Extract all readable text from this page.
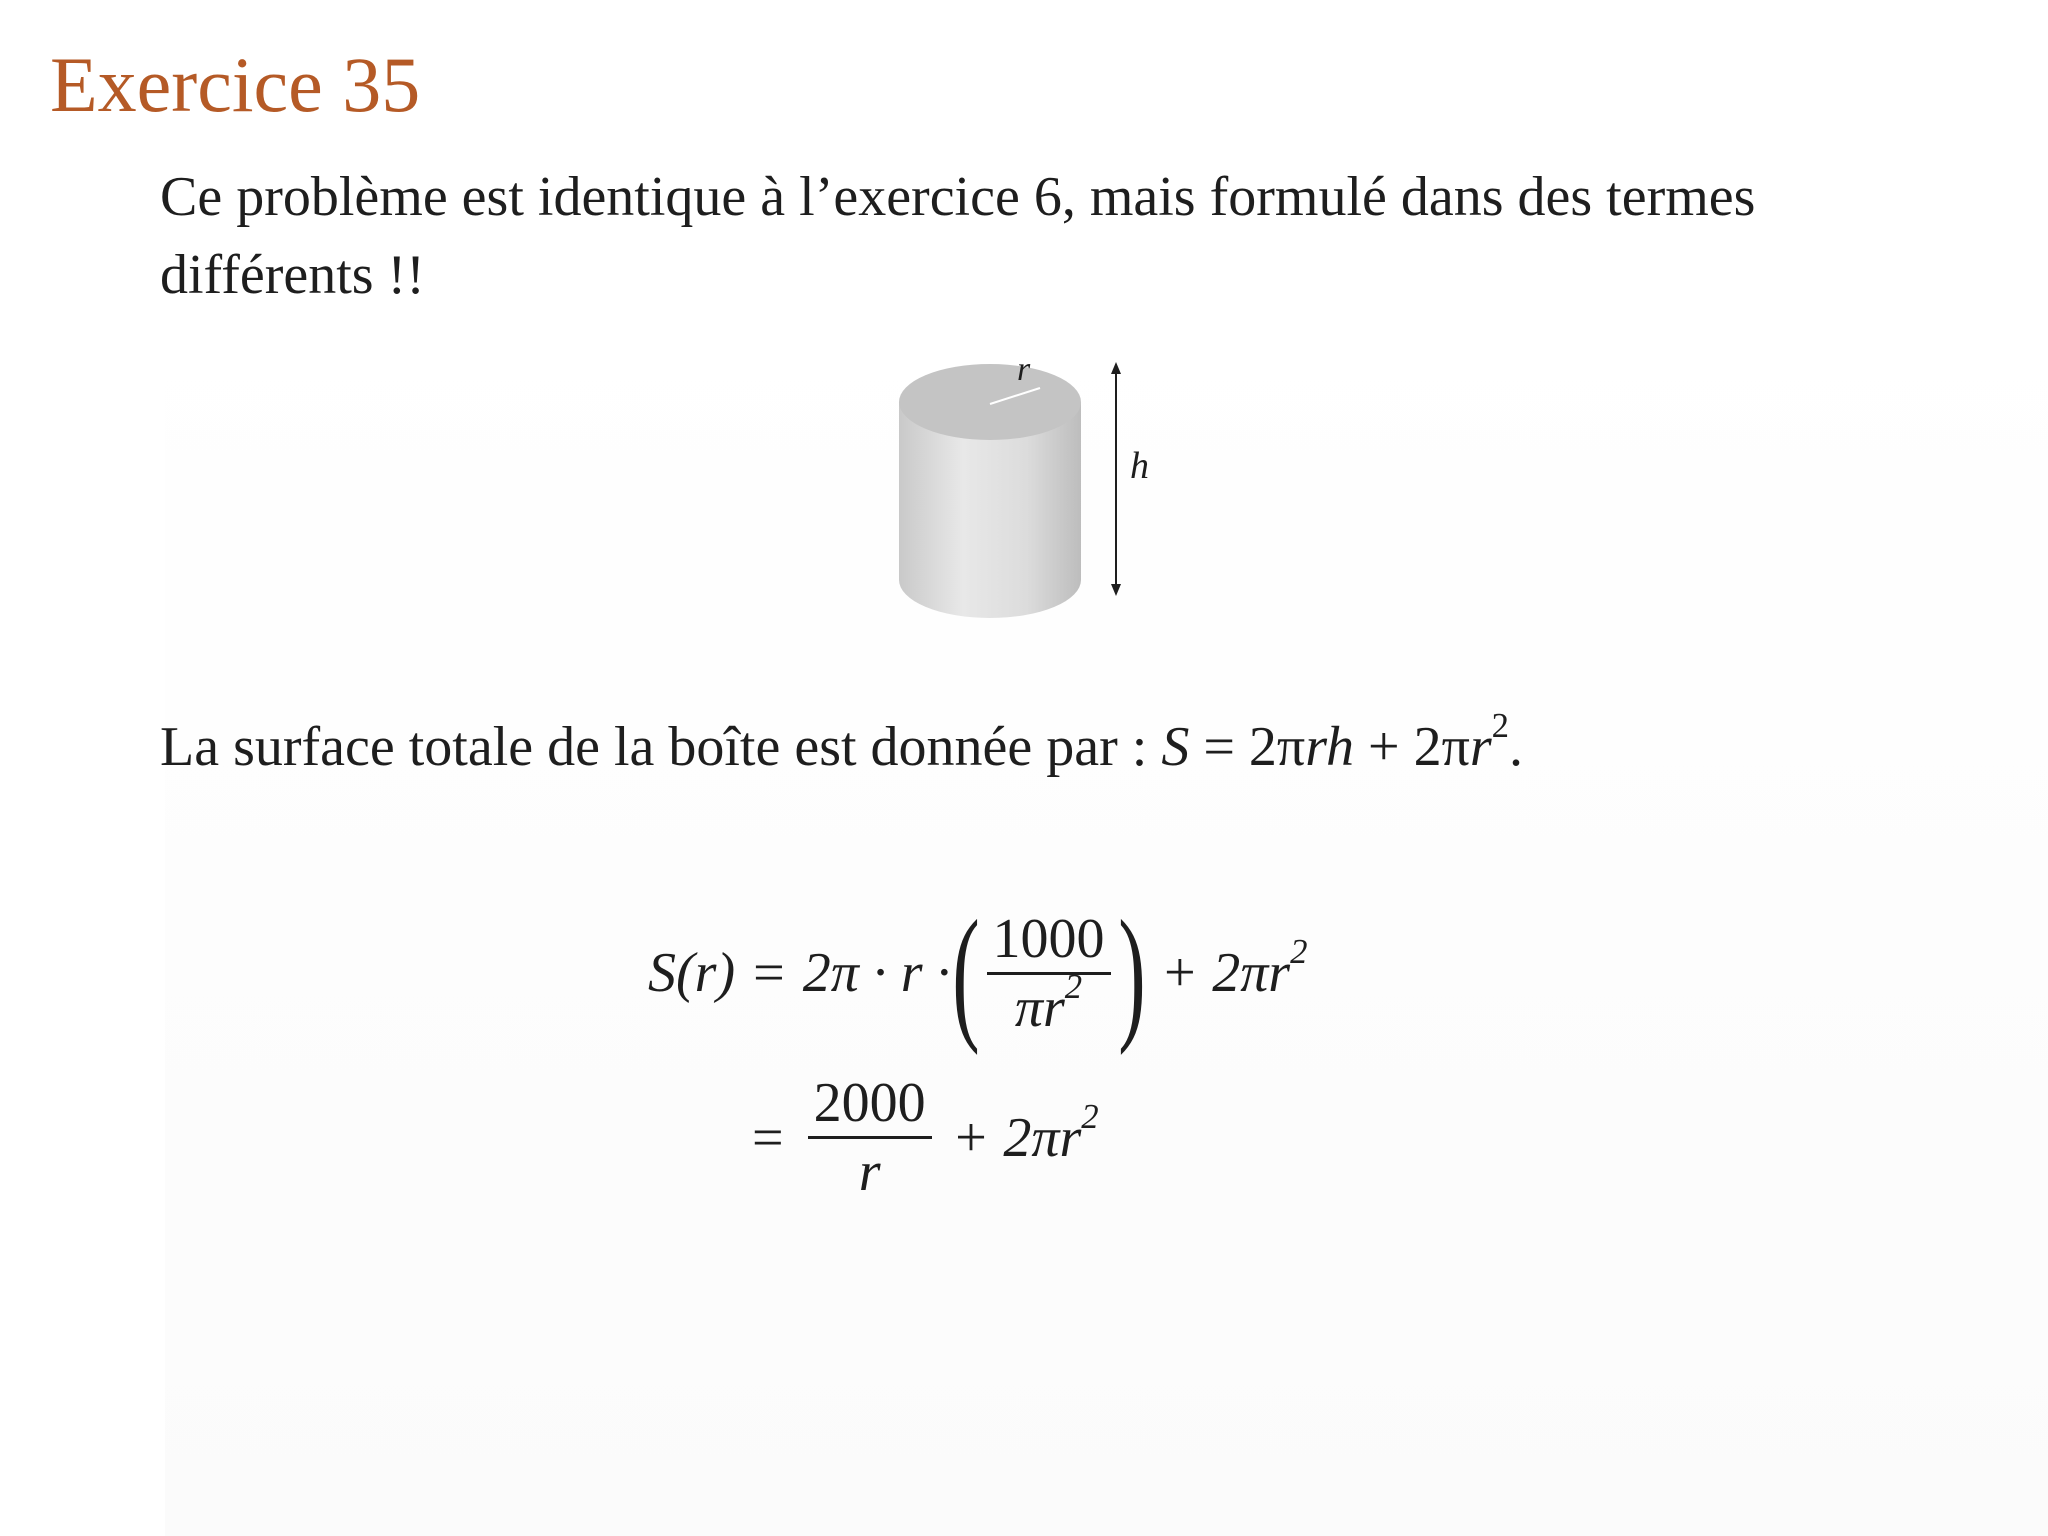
Exercice 35

Ce problème est identique à l’exercice 6, mais formulé dans des termes différents !!

r
h

La surface totale de la boîte est donnée par : $S = 2\pi rh + 2\pi r^2$.

S(r) = 2π · r · ( $\frac{1000}{\pi r^2}$ ) + $2\pi r^2$
= $\frac{2000}{r} + 2\pi r^2$
